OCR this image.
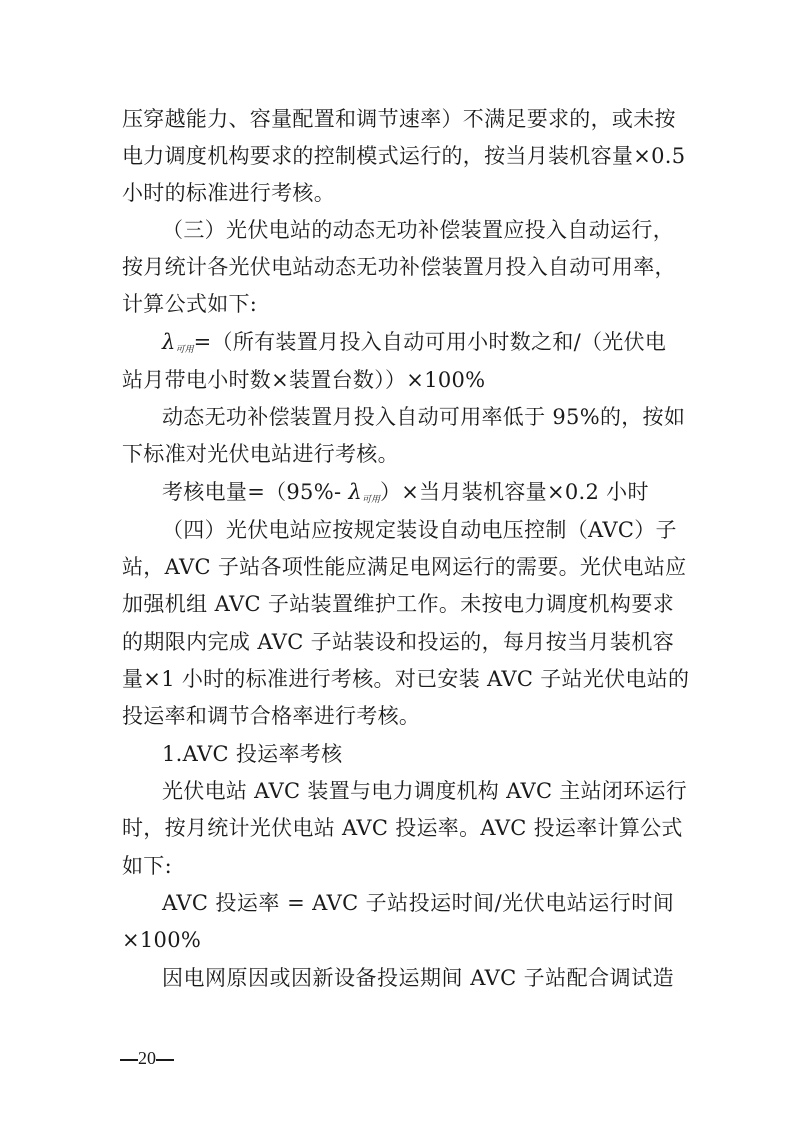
压穿越能力、容量配置和调节速率）不满足要求的，或未按
电力调度机构要求的控制模式运行的，按当月装机容量×0.5
小时的标准进行考核。
（三）光伏电站的动态无功补偿装置应投入自动运行，
按月统计各光伏电站动态无功补偿装置月投入自动可用率，
计算公式如下:
$\lambda_{可用}=$（所有装置月投入自动可用小时数之和/（光伏电
站月带电小时数×装置台数））×100%
动态无功补偿装置月投入自动可用率低于 95%的，按如
下标准对光伏电站进行考核。
考核电量=（95%- $\lambda_{可用})\times$当月装机容量×0.2 小时
（四）光伏电站应按规定装设自动电压控制（AVC）子
站，AVC 子站各项性能应满足电网运行的需要。光伏电站应
加强机组 AVC 子站装置维护工作。未按电力调度机构要求
的期限内完成 AVC 子站装设和投运的，每月按当月装机容
量×1 小时的标准进行考核。对已安装 AVC 子站光伏电站的
投运率和调节合格率进行考核。
1.AVC 投运率考核
光伏电站 AVC 装置与电力调度机构 AVC 主站闭环运行
时，按月统计光伏电站 AVC 投运率。AVC 投运率计算公式
如下:
AVC 投运率 = AVC 子站投运时间/光伏电站运行时间
×100%
因电网原因或因新设备投运期间 AVC 子站配合调试造
20
